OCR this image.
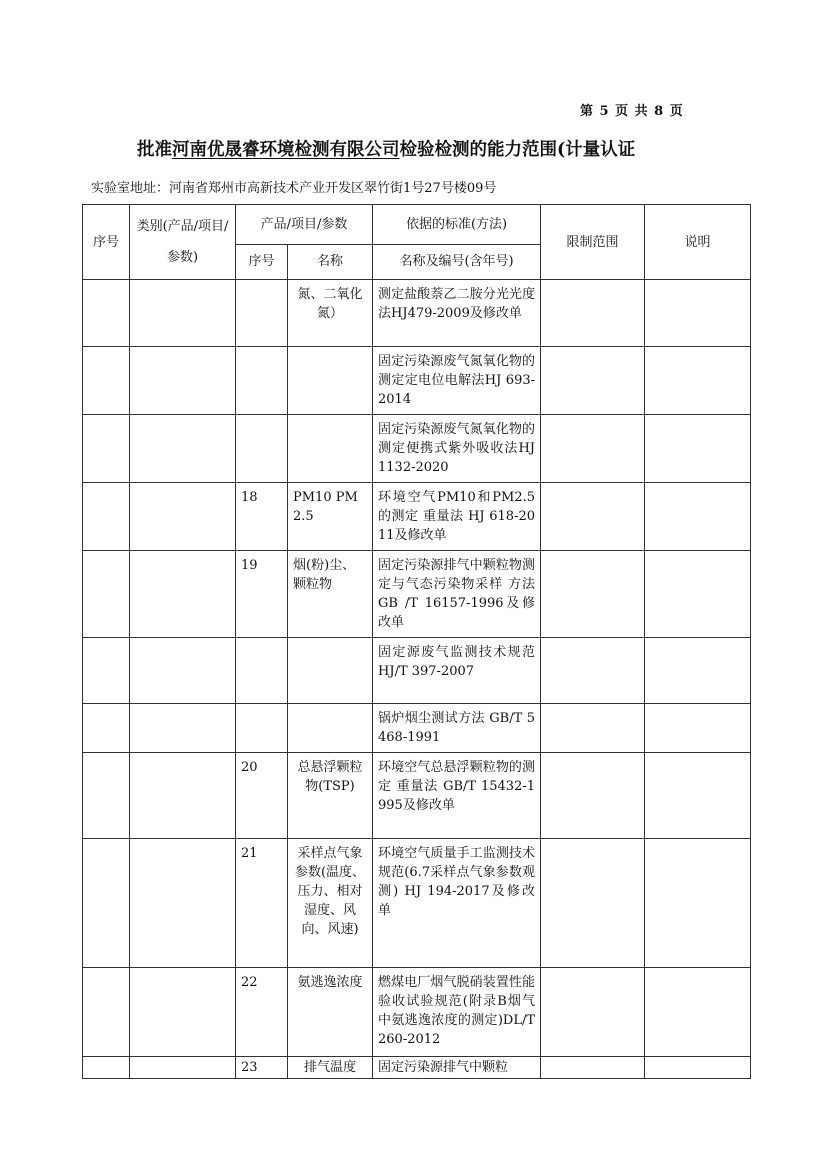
第 5 页 共 8 页
批准河南优晟睿环境检测有限公司检验检测的能力范围(计量认证
实验室地址：河南省郑州市高新技术产业开发区翠竹街1号27号楼09号
序号	类别(产品/项目/参数)	产品/项目/参数		依据的标准(方法)	限制范围	说明
		序号	名称	名称及编号(含年号)		
			氮、二氧化氮）	测定盐酸萘乙二胺分光光度法HJ479-2009及修改单		
				固定污染源废气氮氧化物的测定定电位电解法HJ 693-2014		
				固定污染源废气氮氧化物的测定便携式紫外吸收法HJ 1132-2020		
		18	PM10 PM2.5	环境空气PM10和PM2.5的测定 重量法 HJ 618-2011及修改单		
		19	烟(粉)尘、颗粒物	固定污染源排气中颗粒物测定与气态污染物采样 方法 GB /T 16157-1996及修改单		
				固定源废气监测技术规范 HJ/T 397-2007		
				锅炉烟尘测试方法 GB/T 5468-1991		
		20	总悬浮颗粒物(TSP)	环境空气总悬浮颗粒物的测 定 重量法 GB/T 15432-1995及修改单		
		21	采样点气象参数(温度、压力、相对湿度、风向、风速)	环境空气质量手工监测技术规范(6.7采样点气象参数观测) HJ 194-2017及修改单		
		22	氨逃逸浓度	燃煤电厂烟气脱硝装置性能验收试验规范(附录B烟气中氨逃逸浓度的测定)DL/T260-2012		
		23	排气温度	固定污染源排气中颗粒		
